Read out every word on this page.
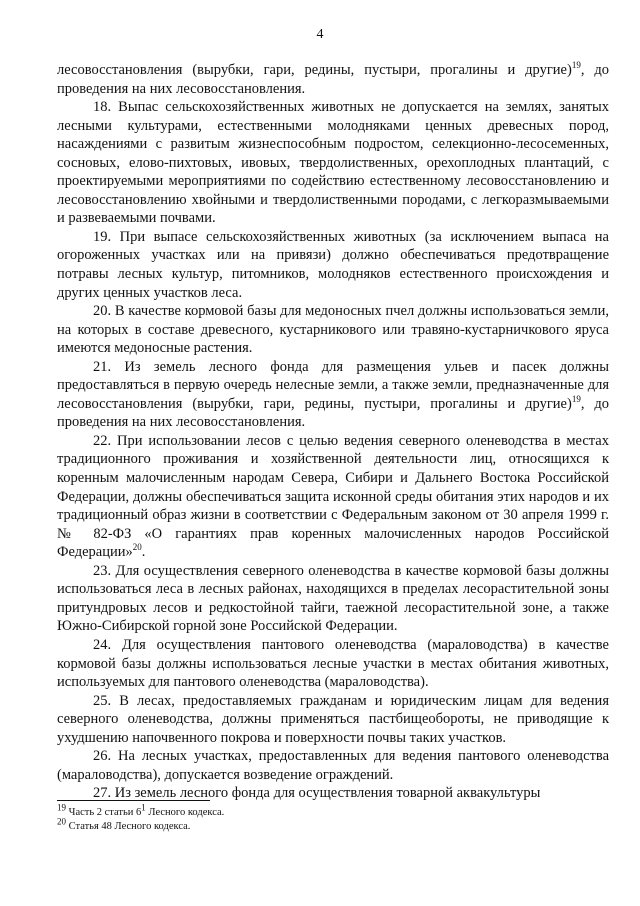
4

лесовосстановления (вырубки, гари, редины, пустыри, прогалины и другие)$^{19}$, до проведения на них лесовосстановления.

18. Выпас сельскохозяйственных животных не допускается на землях, занятых лесными культурами, естественными молодняками ценных древесных пород, насаждениями с развитым жизнеспособным подростом, селекционно-лесосеменных, сосновых, елово-пихтовых, ивовых, твердолиственных, орехоплодных плантаций, с проектируемыми мероприятиями по содействию естественному лесовосстановлению и лесовосстановлению хвойными и твердолиственными породами, с легкоразмываемыми и развеваемыми почвами.

19. При выпасе сельскохозяйственных животных (за исключением выпаса на огороженных участках или на привязи) должно обеспечиваться предотвращение потравы лесных культур, питомников, молодняков естественного происхождения и других ценных участков леса.

20. В качестве кормовой базы для медоносных пчел должны использоваться земли, на которых в составе древесного, кустарникового или травяно-кустарничкового яруса имеются медоносные растения.

21. Из земель лесного фонда для размещения ульев и пасек должны предоставляться в первую очередь нелесные земли, а также земли, предназначенные для лесовосстановления (вырубки, гари, редины, пустыри, прогалины и другие)$^{19}$, до проведения на них лесовосстановления.

22. При использовании лесов с целью ведения северного оленеводства в местах традиционного проживания и хозяйственной деятельности лиц, относящихся к коренным малочисленным народам Севера, Сибири и Дальнего Востока Российской Федерации, должны обеспечиваться защита исконной среды обитания этих народов и их традиционный образ жизни в соответствии с Федеральным законом от 30 апреля 1999 г. № 82-ФЗ «О гарантиях прав коренных малочисленных народов Российской Федерации»$^{20}$.

23. Для осуществления северного оленеводства в качестве кормовой базы должны использоваться леса в лесных районах, находящихся в пределах лесорастительной зоны притундровых лесов и редкостойной тайги, таежной лесорастительной зоне, а также Южно-Сибирской горной зоне Российской Федерации.

24. Для осуществления пантового оленеводства (мараловодства) в качестве кормовой базы должны использоваться лесные участки в местах обитания животных, используемых для пантового оленеводства (мараловодства).

25. В лесах, предоставляемых гражданам и юридическим лицам для ведения северного оленеводства, должны применяться пастбищеобороты, не приводящие к ухудшению напочвенного покрова и поверхности почвы таких участков.

26. На лесных участках, предоставленных для ведения пантового оленеводства (мараловодства), допускается возведение ограждений.

27. Из земель лесного фонда для осуществления товарной аквакультуры

$^{19}$ Часть 2 статьи $6^1$ Лесного кодекса.
$^{20}$ Статья 48 Лесного кодекса.
